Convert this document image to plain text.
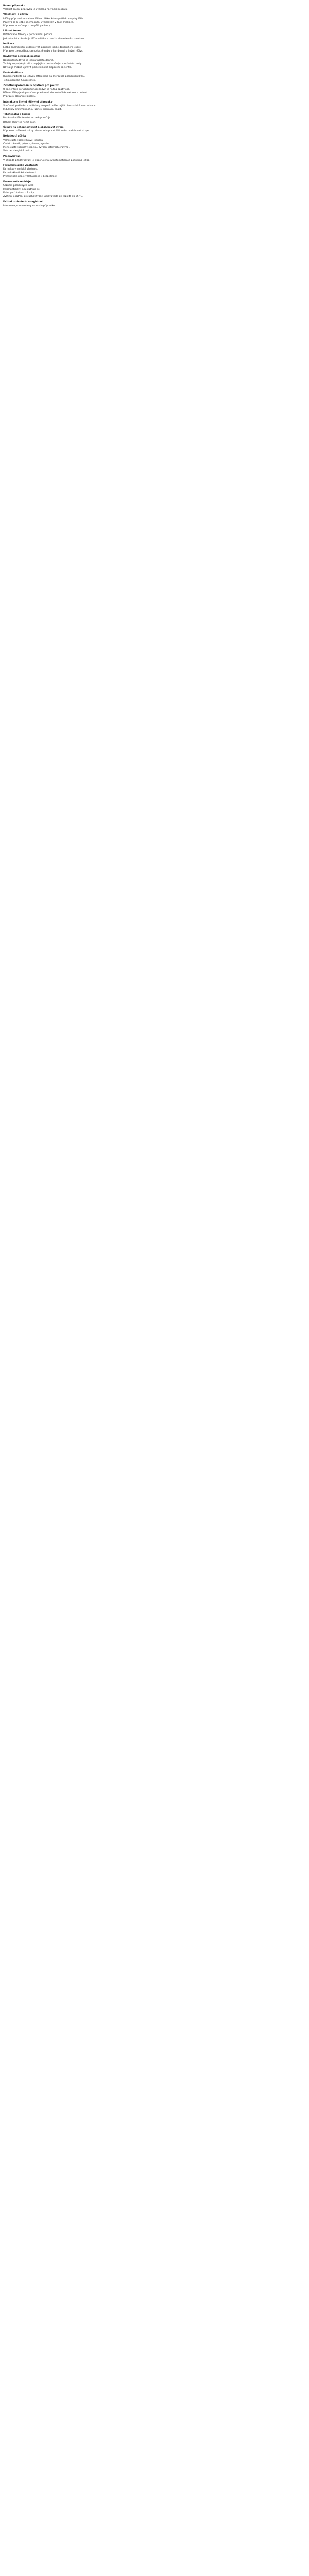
Balení přípravku
Velikost balení přípravku je uvedena na vnějším obalu.
Vlastnosti a účinky
Léčivý přípravek obsahuje léčivou látku, která patří do skupiny léčiv...
Používá se k léčbě onemocnění uvedených v části Indikace.
Přípravek je určen pro dospělé pacienty.
Léková forma
Potahované tablety k perorálnímu podání.
Jedna tableta obsahuje léčivou látku v množství uvedeném na obalu.
Indikace
Léčba onemocnění u dospělých pacientů podle doporučení lékaře.
Přípravek lze podávat samostatně nebo v kombinaci s jinými léčivy.
Dávkování a způsob podání
Doporučená dávka je jedna tableta denně.
Tablety se polykají celé a zapíjejí se dostatečným množstvím vody.
Dávku je možné upravit podle klinické odpovědi pacienta.
Kontraindikace
Hypersenzitivita na léčivou látku nebo na kteroukoli pomocnou látku.
Těžká porucha funkce jater.
Zvláštní upozornění a opatření pro použití
U pacientů s poruchou funkce ledvin je nutná opatrnost.
Během léčby je doporučeno pravidelné sledování laboratorních hodnot.
Přípravek obsahuje laktosu.
Interakce s jinými léčivými přípravky
Současné podávání s inhibitory enzymů může zvýšit plazmatické koncentrace.
Induktory enzymů mohou účinek přípravku snížit.
Těhotenství a kojení
Podávání v těhotenství se nedoporučuje.
Během léčby se nemá kojit.
Účinky na schopnost řídit a obsluhovat stroje
Přípravek může mít mírný vliv na schopnost řídit nebo obsluhovat stroje.
Nežádoucí účinky
Velmi časté: bolest hlavy, nauzea.
Časté: závratě, průjem, únava, vyrážka.
Méně časté: poruchy spánku, zvýšení jaterních enzymů.
Vzácné: alergické reakce.
Předávkování
V případě předávkování je doporučena symptomatická a podpůrná léčba.
Farmakologické vlastnosti
Farmakodynamické vlastnosti
Farmakokinetické vlastnosti
Předklinické údaje vztahující se k bezpečnosti
Farmaceutické údaje
Seznam pomocných látek
Inkompatibility: neuplatňuje se.
Doba použitelnosti: 3 roky.
Zvláštní opatření pro uchovávání: uchovávejte při teplotě do 25 °C.
Držitel rozhodnutí o registraci
Informace jsou uvedeny na obalu přípravku.
